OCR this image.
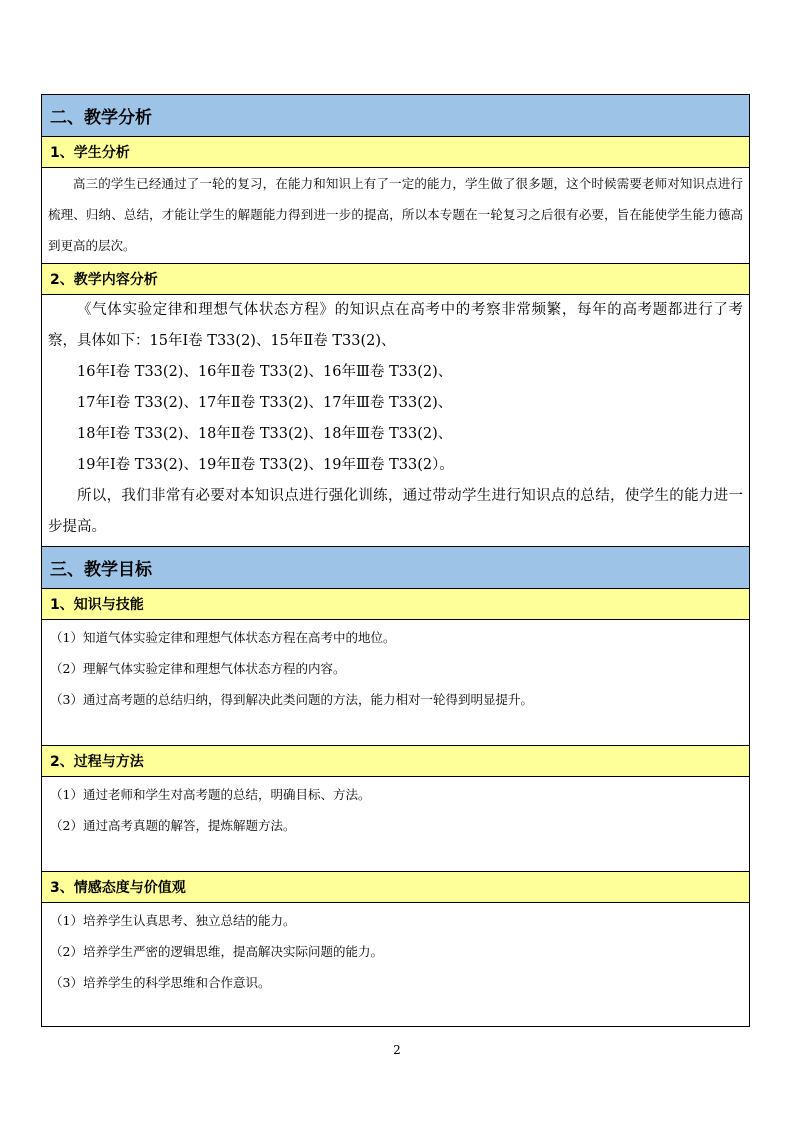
二、教学分析
1、学生分析

高三的学生已经通过了一轮的复习，在能力和知识上有了一定的能力，学生做了很多题，这个时候需要老师对知识点进行梳理、归纳、总结，才能让学生的解题能力得到进一步的提高，所以本专题在一轮复习之后很有必要，旨在能使学生能力德高到更高的层次。

2、教学内容分析

《气体实验定律和理想气体状态方程》的知识点在高考中的考察非常频繁，每年的高考题都进行了考察，具体如下：15年Ⅰ卷 T33(2)、15年Ⅱ卷 T33(2)、

16年Ⅰ卷 T33(2)、16年Ⅱ卷 T33(2)、16年Ⅲ卷 T33(2)、

17年Ⅰ卷 T33(2)、17年Ⅱ卷 T33(2)、17年Ⅲ卷 T33(2)、

18年Ⅰ卷 T33(2)、18年Ⅱ卷 T33(2)、18年Ⅲ卷 T33(2)、

19年Ⅰ卷 T33(2)、19年Ⅱ卷 T33(2)、19年Ⅲ卷 T33(2）。

所以，我们非常有必要对本知识点进行强化训练，通过带动学生进行知识点的总结，使学生的能力进一步提高。

三、教学目标
1、知识与技能
（1）知道气体实验定律和理想气体状态方程在高考中的地位。
（2）理解气体实验定律和理想气体状态方程的内容。
（3）通过高考题的总结归纳，得到解决此类问题的方法，能力相对一轮得到明显提升。
2、过程与方法
（1）通过老师和学生对高考题的总结，明确目标、方法。
（2）通过高考真题的解答，提炼解题方法。
3、情感态度与价值观
（1）培养学生认真思考、独立总结的能力。
（2）培养学生严密的逻辑思维，提高解决实际问题的能力。
（3）培养学生的科学思维和合作意识。
2
